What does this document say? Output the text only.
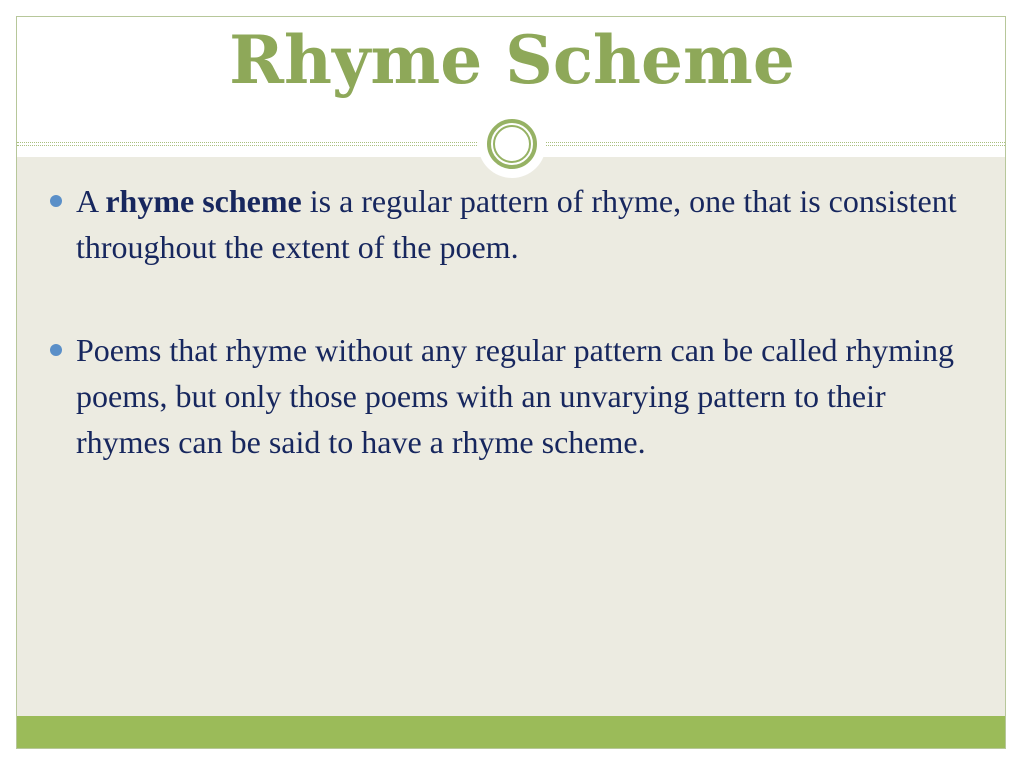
Rhyme Scheme
A rhyme scheme is a regular pattern of rhyme, one that is consistent throughout the extent of the poem.
Poems that rhyme without any regular pattern can be called rhyming poems, but only those poems with an unvarying pattern to their rhymes can be said to have a rhyme scheme.
